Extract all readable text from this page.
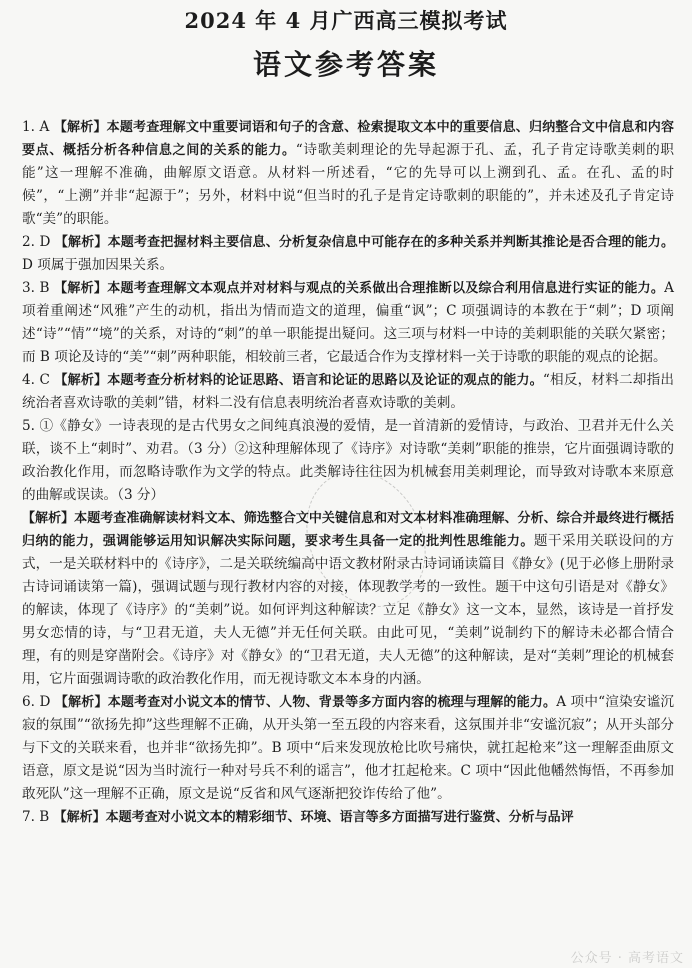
2024 年 4 月广西高三模拟考试
语文参考答案

1. A 【解析】本题考查理解文中重要词语和句子的含意、检索提取文本中的重要信息、归纳整合文中信息和内容要点、概括分析各种信息之间的关系的能力。“诗歌美刺理论的先导起源于孔、孟，孔子肯定诗歌美刺的职能”这一理解不准确，曲解原文语意。从材料一所述看，“它的先导可以上溯到孔、孟。在孔、孟的时候”，“上溯”并非“起源于”；另外，材料中说“但当时的孔子是肯定诗歌刺的职能的”，并未述及孔子肯定诗歌“美”的职能。

2. D 【解析】本题考查把握材料主要信息、分析复杂信息中可能存在的多种关系并判断其推论是否合理的能力。D 项属于强加因果关系。

3. B 【解析】本题考查理解文本观点并对材料与观点的关系做出合理推断以及综合利用信息进行实证的能力。A 项着重阐述“风雅”产生的动机，指出为情而造文的道理，偏重“讽”；C 项强调诗的本教在于“刺”；D 项阐述“诗”“情”“境”的关系，对诗的“刺”的单一职能提出疑问。这三项与材料一中诗的美刺职能的关联欠紧密；而 B 项论及诗的“美”“刺”两种职能，相较前三者，它最适合作为支撑材料一关于诗歌的职能的观点的论据。

4. C 【解析】本题考查分析材料的论证思路、语言和论证的思路以及论证的观点的能力。“相反，材料二却指出统治者喜欢诗歌的美刺”错，材料二没有信息表明统治者喜欢诗歌的美刺。

5. ①《静女》一诗表现的是古代男女之间纯真浪漫的爱情，是一首清新的爱情诗，与政治、卫君并无什么关联，谈不上“刺时”、劝君。（3 分）②这种理解体现了《诗序》对诗歌“美刺”职能的推崇，它片面强调诗歌的政治教化作用，而忽略诗歌作为文学的特点。此类解诗往往因为机械套用美刺理论，而导致对诗歌本来原意的曲解或误读。（3 分）

【解析】本题考查准确解读材料文本、筛选整合文中关键信息和对文本材料准确理解、分析、综合并最终进行概括归纳的能力，强调能够运用知识解决实际问题，要求考生具备一定的批判性思维能力。题干采用关联设问的方式，一是关联材料中的《诗序》，二是关联统编高中语文教材附录古诗词诵读篇目《静女》(见于必修上册附录古诗词诵读第一篇)，强调试题与现行教材内容的对接，体现教学考的一致性。题干中这句引语是对《静女》的解读，体现了《诗序》的“美刺”说。如何评判这种解读？立足《静女》这一文本，显然，该诗是一首抒发男女恋情的诗，与“卫君无道，夫人无德”并无任何关联。由此可见，“美刺”说制约下的解诗未必都合情合理，有的则是穿凿附会。《诗序》对《静女》的“卫君无道，夫人无德”的这种解读，是对“美刺”理论的机械套用，它片面强调诗歌的政治教化作用，而无视诗歌文本本身的内涵。

6. D 【解析】本题考查对小说文本的情节、人物、背景等多方面内容的梳理与理解的能力。A 项中“渲染安谧沉寂的氛围”“欲扬先抑”这些理解不正确，从开头第一至五段的内容来看，这氛围并非“安谧沉寂”；从开头部分与下文的关联来看，也并非“欲扬先抑”。B 项中“后来发现放枪比吹号痛快，就扛起枪来”这一理解歪曲原文语意，原文是说“因为当时流行一种对号兵不利的谣言”，他才扛起枪来。C 项中“因此他幡然悔悟，不再参加敢死队”这一理解不正确，原文是说“反省和风气逐渐把狡诈传给了他”。

7. B 【解析】本题考查对小说文本的精彩细节、环境、语言等多方面描写进行鉴赏、分析与品评

公众号 · 高考语文
